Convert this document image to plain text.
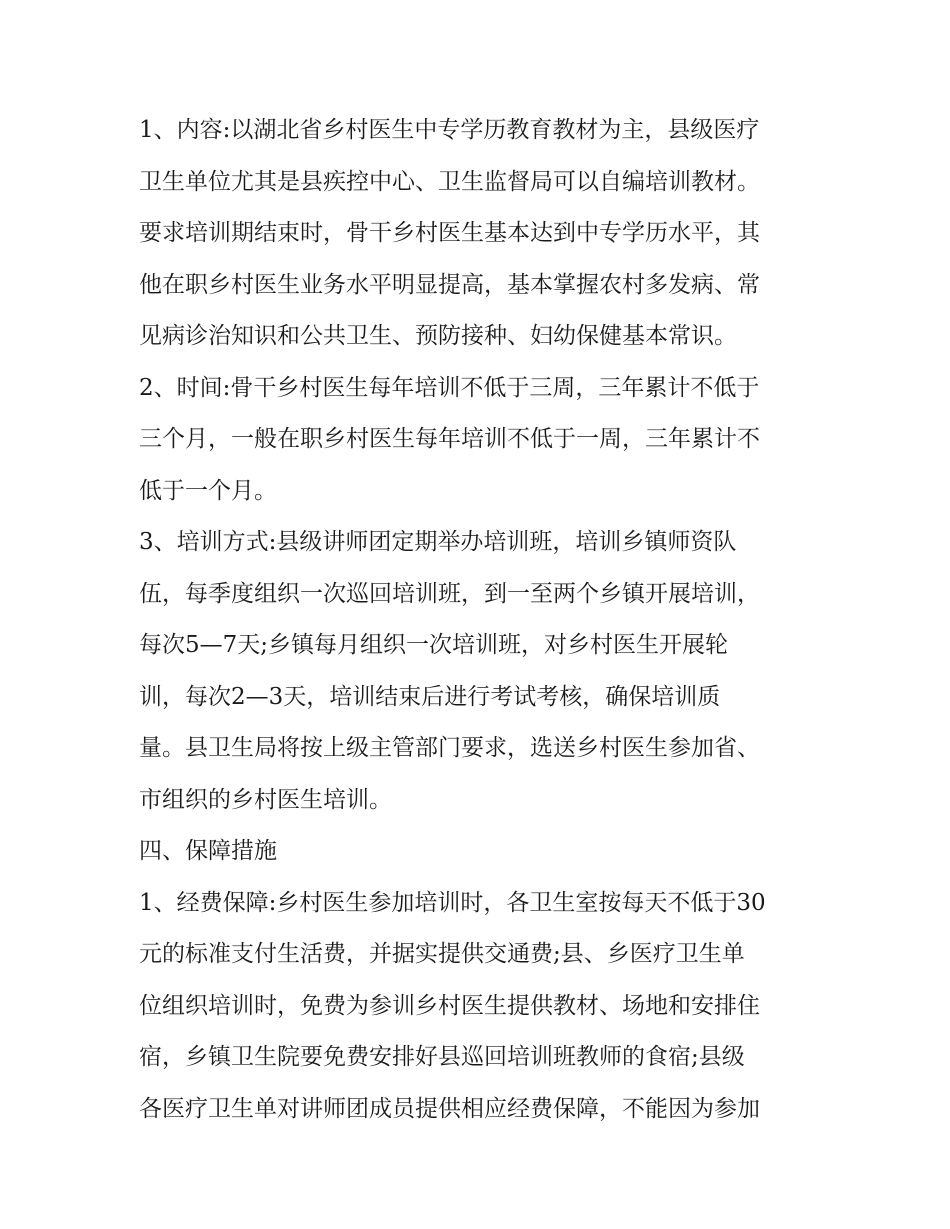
1、内容:以湖北省乡村医生中专学历教育教材为主，县级医疗
卫生单位尤其是县疾控中心、卫生监督局可以自编培训教材。
要求培训期结束时，骨干乡村医生基本达到中专学历水平，其
他在职乡村医生业务水平明显提高，基本掌握农村多发病、常
见病诊治知识和公共卫生、预防接种、妇幼保健基本常识。
2、时间:骨干乡村医生每年培训不低于三周，三年累计不低于
三个月，一般在职乡村医生每年培训不低于一周，三年累计不
低于一个月。
3、培训方式:县级讲师团定期举办培训班，培训乡镇师资队
伍，每季度组织一次巡回培训班，到一至两个乡镇开展培训，
每次5—7天;乡镇每月组织一次培训班，对乡村医生开展轮
训，每次2—3天，培训结束后进行考试考核，确保培训质
量。县卫生局将按上级主管部门要求，选送乡村医生参加省、
市组织的乡村医生培训。
四、保障措施
1、经费保障:乡村医生参加培训时，各卫生室按每天不低于30
元的标准支付生活费，并据实提供交通费;县、乡医疗卫生单
位组织培训时，免费为参训乡村医生提供教材、场地和安排住
宿，乡镇卫生院要免费安排好县巡回培训班教师的食宿;县级
各医疗卫生单对讲师团成员提供相应经费保障，不能因为参加
